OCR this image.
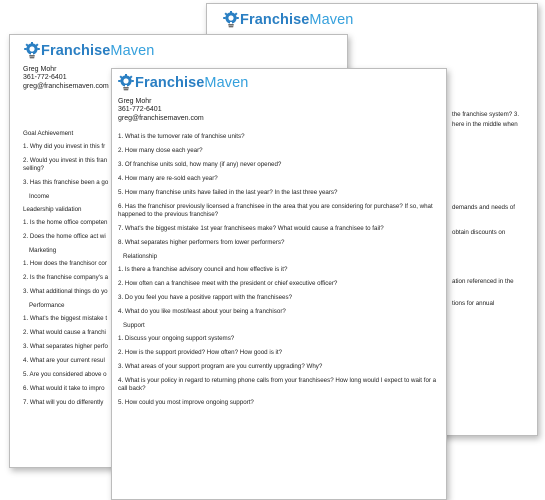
FranchiseMaven
the franchise system? 3.
here in the middle when
demands and needs of
obtain discounts on
ation referenced in the
tions for annual
FranchiseMaven
Greg Mohr
361-772-6401
greg@franchisemaven.com
Goal Achievement
1. Why did you invest in this fr
2. Would you invest in this fran selling?
3. Has this franchise been a go
Income
Leadership validation
1. Is the home office competen
2. Does the home office act wi
Marketing
1. How does the franchisor cor
2. Is the franchise company's a
3. What additional things do yo
Performance
1. What's the biggest mistake t
2. What would cause a franchi
3. What separates higher perfo
4. What are your current resul
5. Are you considered above o
6. What would it take to impro
7. What will you do differently
FranchiseMaven
Greg Mohr
361-772-6401
greg@franchisemaven.com
1. What is the turnover rate of franchise units?
2. How many close each year?
3. Of franchise units sold, how many (if any) never opened?
4. How many are re-sold each year?
5. How many franchise units have failed in the last year? In the last three years?
6. Has the franchisor previously licensed a franchisee in the area that you are considering for purchase? If so, what happened to the previous franchise?
7. What's the biggest mistake 1st year franchisees make? What would cause a franchisee to fail?
8. What separates higher performers from lower performers?
Relationship
1. Is there a franchise advisory council and how effective is it?
2. How often can a franchisee meet with the president or chief executive officer?
3. Do you feel you have a positive rapport with the franchisees?
4. What do you like most/least about your being a franchisor?
Support
1. Discuss your ongoing support systems?
2. How is the support provided? How often? How good is it?
3. What areas of your support program are you currently upgrading? Why?
4. What is your policy in regard to returning phone calls from your franchisees? How long would I expect to wait for a call back?
5. How could you most improve ongoing support?
